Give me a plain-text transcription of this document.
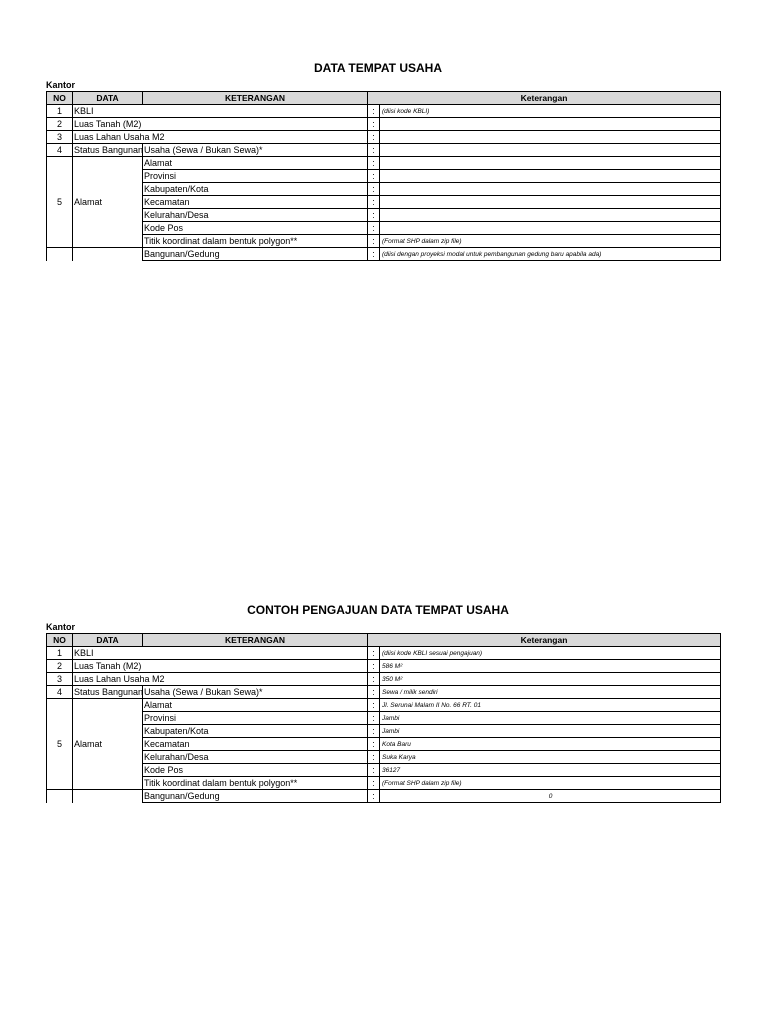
DATA TEMPAT USAHA
Kantor
NO	DATA	KETERANGAN	Keterangan	
1	KBLI		:	(diisi kode KBLI)
2	Luas Tanah (M2)		:	
3	Luas Lahan Usaha M2		:	
4	Status Bangunan	Usaha (Sewa / Bukan Sewa)*	:	
5	Alamat	Alamat	:	
		Provinsi	:	
		Kabupaten/Kota	:	
		Kecamatan	:	
		Kelurahan/Desa	:	
		Kode Pos	:	
		Titik koordinat dalam bentuk polygon**	:	(Format SHP dalam zip file)
		Bangunan/Gedung	:	(diisi dengan proyeksi modal untuk pembangunan gedung baru apabila ada)
CONTOH PENGAJUAN DATA TEMPAT USAHA
Kantor
NO	DATA	KETERANGAN	Keterangan	
1	KBLI		:	(diisi kode KBLI sesuai pengajuan)
2	Luas Tanah (M2)		:	586 M²
3	Luas Lahan Usaha M2		:	350 M²
4	Status Bangunan	Usaha (Sewa / Bukan Sewa)*	:	Sewa / milik sendiri
5	Alamat	Alamat	:	Jl. Serunai Malam II No. 66 RT. 01
		Provinsi	:	Jambi
		Kabupaten/Kota	:	Jambi
		Kecamatan	:	Kota Baru
		Kelurahan/Desa	:	Suka Karya
		Kode Pos	:	36127
		Titik koordinat dalam bentuk polygon**	:	(Format SHP dalam zip file)
		Bangunan/Gedung	:	0
